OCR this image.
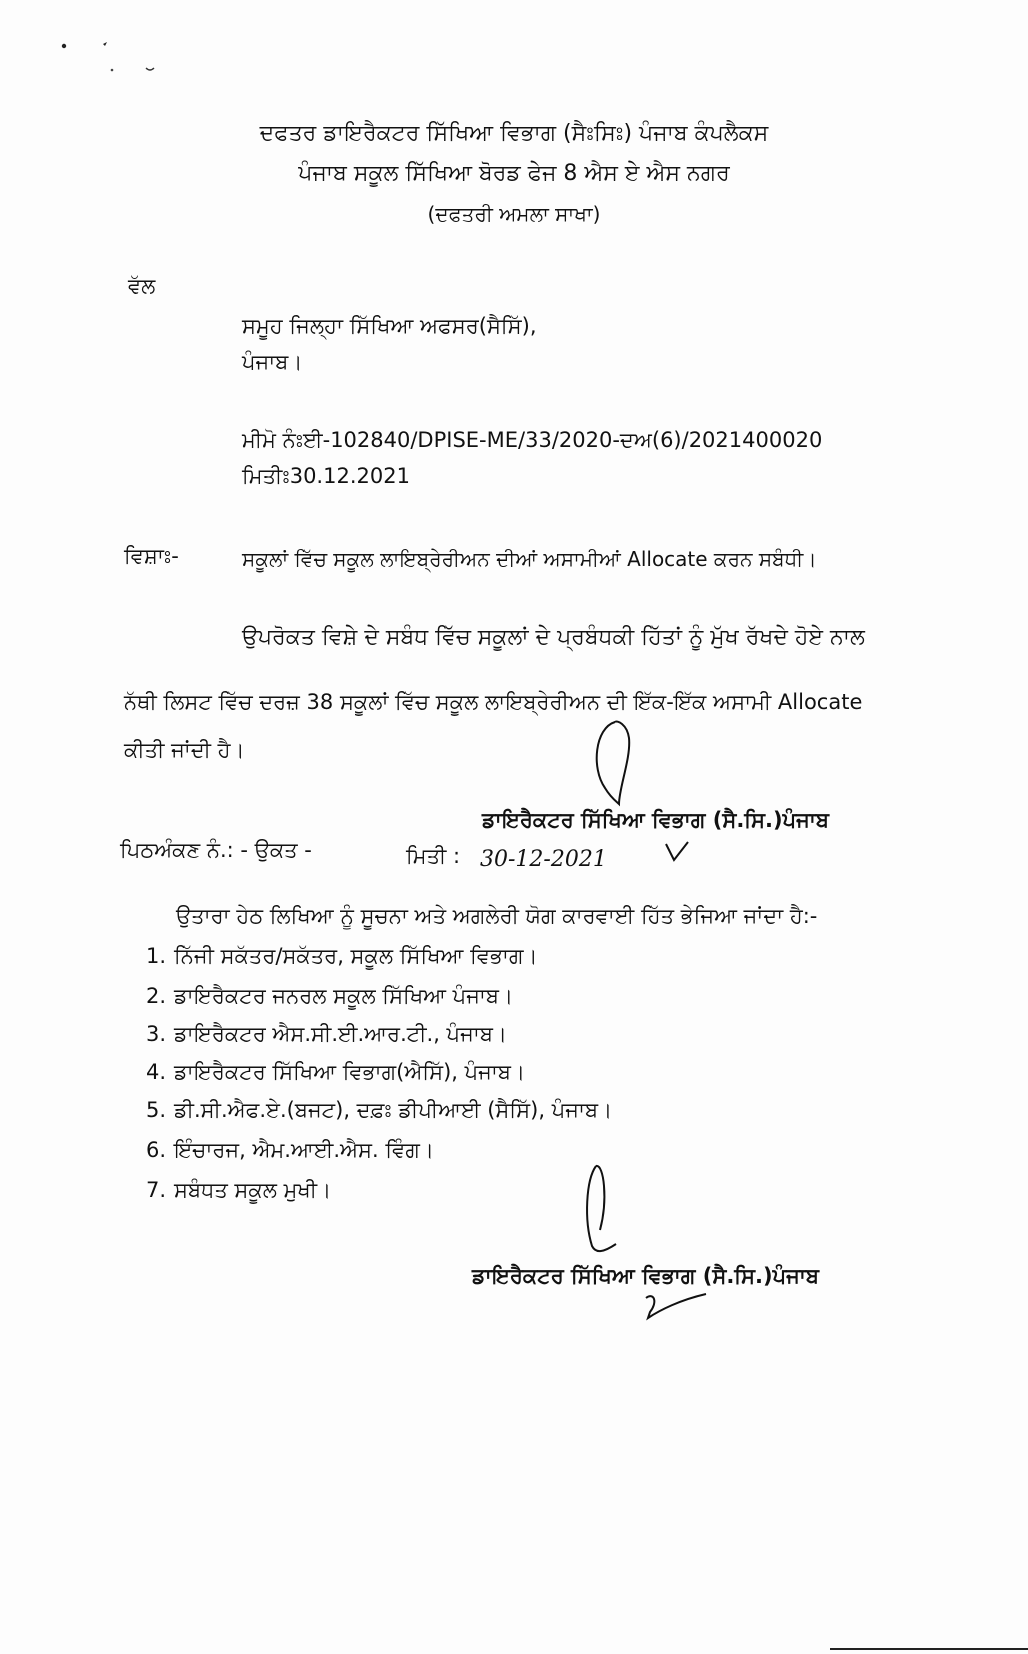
ਦਫਤਰ ਡਾਇਰੈਕਟਰ ਸਿੱਖਿਆ ਵਿਭਾਗ (ਸੈਃਸਿਃ) ਪੰਜਾਬ ਕੰਪਲੈਕਸ
ਪੰਜਾਬ ਸਕੂਲ ਸਿੱਖਿਆ ਬੋਰਡ ਫੇਜ 8 ਐਸ ਏ ਐਸ ਨਗਰ
(ਦਫਤਰੀ ਅਮਲਾ ਸਾਖਾ)
ਵੱਲ
ਸਮੂਹ ਜਿਲ੍ਹਾ ਸਿੱਖਿਆ ਅਫਸਰ(ਸੈਸਿੱ),
ਪੰਜਾਬ।
ਮੀਮੋ ਨੰਃਈ-102840/DPISE-ME/33/2020-ਦਅ(6)/2021400020
ਮਿਤੀਃ30.12.2021
ਵਿਸ਼ਾਃ-	ਸਕੂਲਾਂ ਵਿੱਚ ਸਕੂਲ ਲਾਇਬ੍ਰੇਰੀਅਨ ਦੀਆਂ ਅਸਾਮੀਆਂ Allocate ਕਰਨ ਸਬੰਧੀ।
ਉਪਰੋਕਤ ਵਿਸ਼ੇ ਦੇ ਸਬੰਧ ਵਿੱਚ ਸਕੂਲਾਂ ਦੇ ਪ੍ਰਬੰਧਕੀ ਹਿੱਤਾਂ ਨੂੰ ਮੁੱਖ ਰੱਖਦੇ ਹੋਏ ਨਾਲ
ਨੱਥੀ ਲਿਸਟ ਵਿੱਚ ਦਰਜ਼ 38 ਸਕੂਲਾਂ ਵਿੱਚ ਸਕੂਲ ਲਾਇਬ੍ਰੇਰੀਅਨ ਦੀ ਇੱਕ-ਇੱਕ ਅਸਾਮੀ Allocate
ਕੀਤੀ ਜਾਂਦੀ ਹੈ।
ਡਾਇਰੈਕਟਰ ਸਿੱਖਿਆ ਵਿਭਾਗ (ਸੈ.ਸਿ.)ਪੰਜਾਬ
ਪਿਠਅੰਕਣ ਨੰ.: - ਉਕਤ -	ਮਿਤੀ : 30-12-2021
ਉਤਾਰਾ ਹੇਠ ਲਿਖਿਆ ਨੂੰ ਸੂਚਨਾ ਅਤੇ ਅਗਲੇਰੀ ਯੋਗ ਕਾਰਵਾਈ ਹਿੱਤ ਭੇਜਿਆ ਜਾਂਦਾ ਹੈ:-
1. ਨਿੱਜੀ ਸਕੱਤਰ/ਸਕੱਤਰ, ਸਕੂਲ ਸਿੱਖਿਆ ਵਿਭਾਗ।
2. ਡਾਇਰੈਕਟਰ ਜਨਰਲ ਸਕੂਲ ਸਿੱਖਿਆ ਪੰਜਾਬ।
3. ਡਾਇਰੈਕਟਰ ਐਸ.ਸੀ.ਈ.ਆਰ.ਟੀ., ਪੰਜਾਬ।
4. ਡਾਇਰੈਕਟਰ ਸਿੱਖਿਆ ਵਿਭਾਗ(ਐਸਿੱ), ਪੰਜਾਬ।
5. ਡੀ.ਸੀ.ਐਫ.ਏ.(ਬਜਟ), ਦਫ਼ਃ ਡੀਪੀਆਈ (ਸੈਸਿੱ), ਪੰਜਾਬ।
6. ਇੰਚਾਰਜ, ਐਮ.ਆਈ.ਐਸ. ਵਿੰਗ।
7. ਸਬੰਧਤ ਸਕੂਲ ਮੁਖੀ।
ਡਾਇਰੈਕਟਰ ਸਿੱਖਿਆ ਵਿਭਾਗ (ਸੈ.ਸਿ.)ਪੰਜਾਬ
